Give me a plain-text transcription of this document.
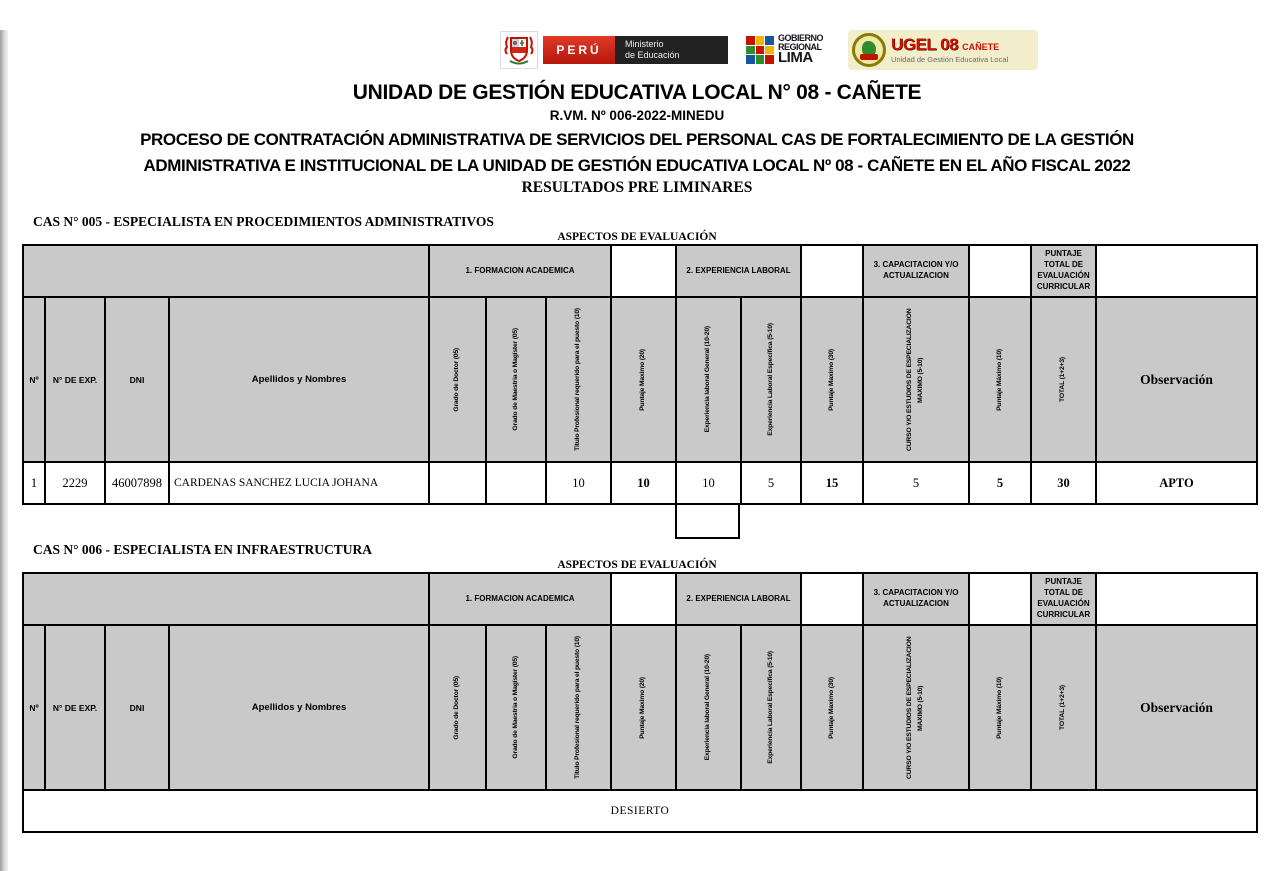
PERÚ	Ministerio
de Educación
GOBIERNO
REGIONAL
LIMA
UGEL 08 CAÑETE
Unidad de Gestión Educativa Local
UNIDAD DE GESTIÓN EDUCATIVA LOCAL N° 08 - CAÑETE
R.VM. Nº 006-2022-MINEDU
PROCESO DE CONTRATACIÓN ADMINISTRATIVA DE SERVICIOS DEL PERSONAL CAS DE FORTALECIMIENTO DE LA GESTIÓN
ADMINISTRATIVA E INSTITUCIONAL DE LA UNIDAD DE GESTIÓN EDUCATIVA LOCAL Nº 08 - CAÑETE EN EL AÑO FISCAL 2022
RESULTADOS PRE LIMINARES
CAS N° 005 - ESPECIALISTA EN PROCEDIMIENTOS ADMINISTRATIVOS
ASPECTOS DE EVALUACIÓN
				1. FORMACION ACADEMICA				2. EXPERIENCIA LABORAL			3. CAPACITACION Y/O ACTUALIZACION		PUNTAJE TOTAL DE EVALUACIÓN CURRICULAR	
Nº	N° DE EXP.	DNI	Apellidos y Nombres	Grado de Doctor (05)	Grado de Maestria o Magíster (05)	Titulo Profesional requerido para el puesto (10)	Puntaje Maximo (20)	Experiencia laboral General (10-20)	Experiencia Laboral Específica (5-10)	Puntaje Maximo (30)	CURSO Y/O ESTUDIOS DE ESPECIALIZACION MAXIMO (5-10)	Puntaje Máximo (10)	TOTAL (1+2+3)	Observación
1	2229	46007898	CARDENAS SANCHEZ LUCIA JOHANA			10	10	10	5	15	5	5	30	APTO
CAS N° 006 - ESPECIALISTA EN INFRAESTRUCTURA
ASPECTOS DE EVALUACIÓN
				1. FORMACION ACADEMICA				2. EXPERIENCIA LABORAL			3. CAPACITACION Y/O ACTUALIZACION		PUNTAJE TOTAL DE EVALUACIÓN CURRICULAR	
Nº	N° DE EXP.	DNI	Apellidos y Nombres	Grado de Doctor (05)	Grado de Maestria o Magíster (05)	Titulo Profesional requerido para el puesto (10)	Puntaje Maximo (20)	Experiencia laboral General (10-20)	Experiencia Laboral Específica (5-10)	Puntaje Maximo (30)	CURSO Y/O ESTUDIOS DE ESPECIALIZACION MAXIMO (5-10)	Puntaje Máximo (10)	TOTAL (1+2+3)	Observación
DESIERTO														
